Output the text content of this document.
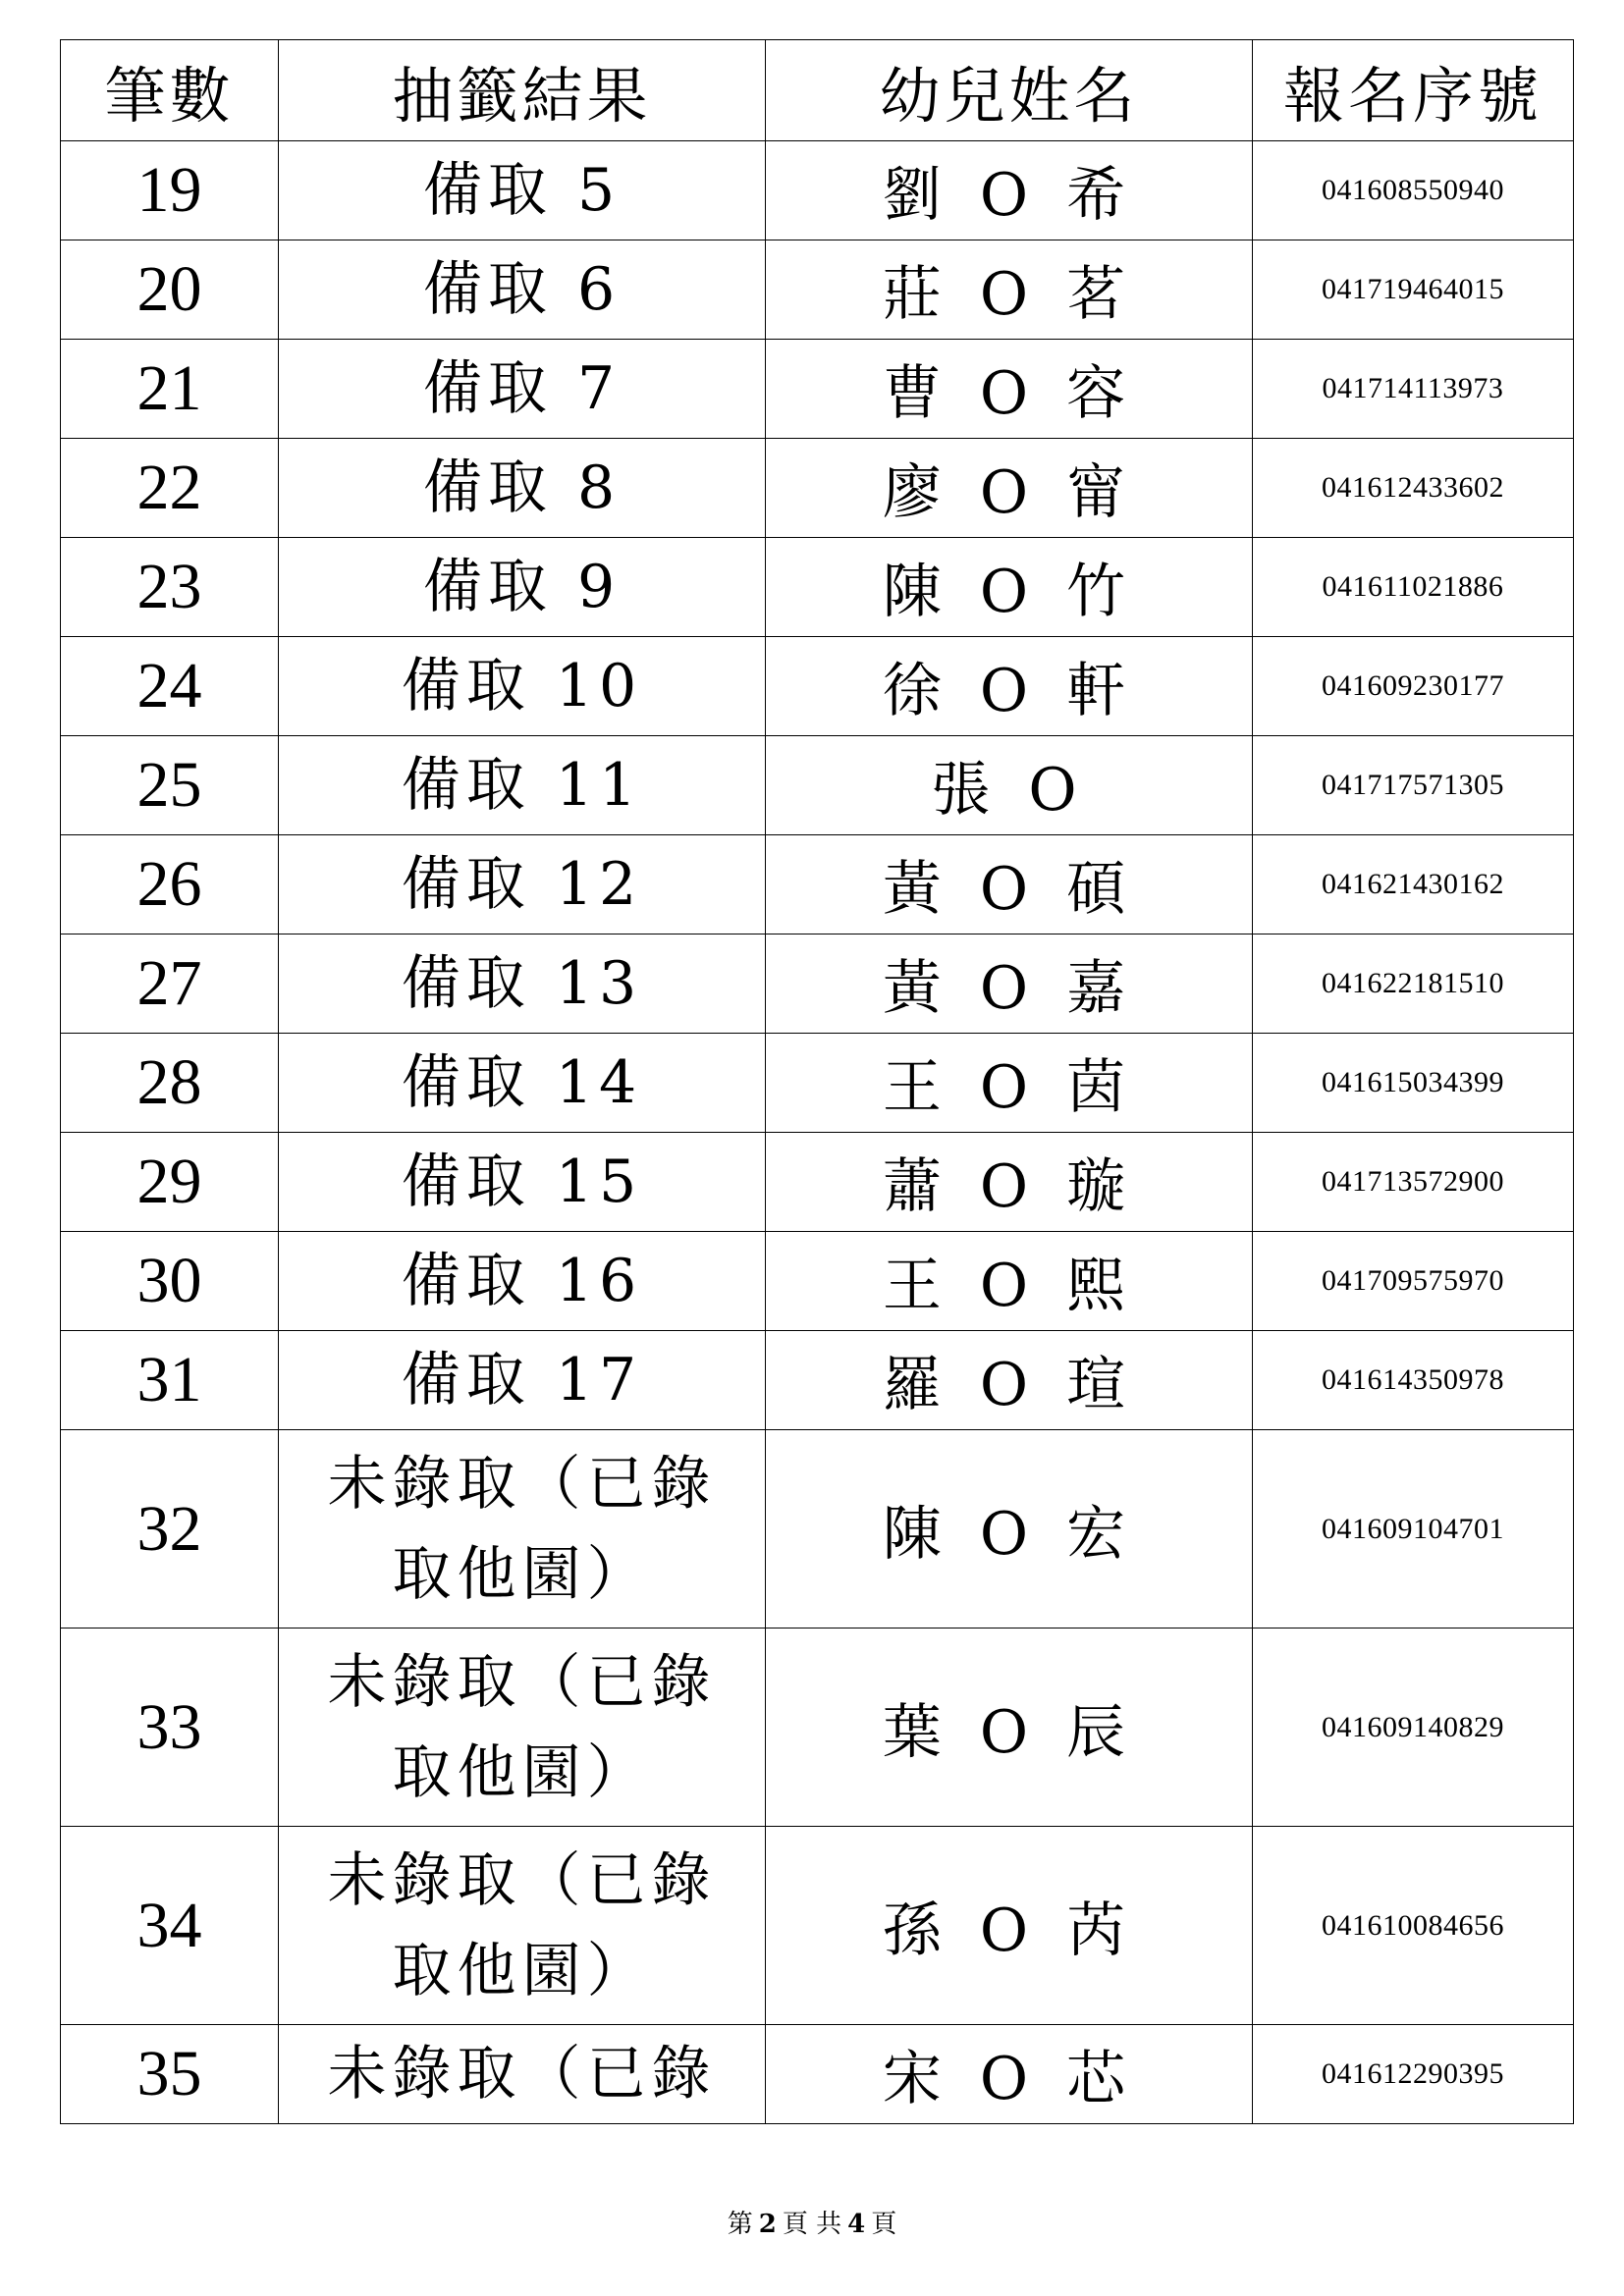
筆數	抽籤結果	幼兒姓名	報名序號
19	備取 5	劉 O 希	041608550940
20	備取 6	莊 O 茗	041719464015
21	備取 7	曹 O 容	041714113973
22	備取 8	廖 O 甯	041612433602
23	備取 9	陳 O 竹	041611021886
24	備取 10	徐 O 軒	041609230177
25	備取 11	張 O	041717571305
26	備取 12	黃 O 碩	041621430162
27	備取 13	黃 O 嘉	041622181510
28	備取 14	王 O 茵	041615034399
29	備取 15	蕭 O 璇	041713572900
30	備取 16	王 O 熙	041709575970
31	備取 17	羅 O 瑄	041614350978
32	未錄取（已錄取他園）	陳 O 宏	041609104701
33	未錄取（已錄取他園）	葉 O 辰	041609140829
34	未錄取（已錄取他園）	孫 O 芮	041610084656
35	未錄取（已錄	宋 O 芯	041612290395
第 2 頁 共 4 頁
